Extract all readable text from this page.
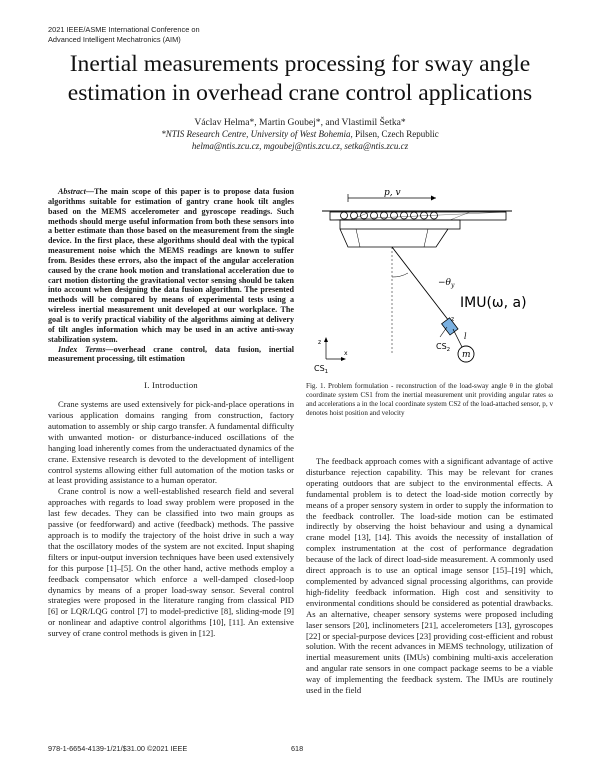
2021 IEEE/ASME International Conference on
Advanced Intelligent Mechatronics (AIM)
Inertial measurements processing for sway angle
estimation in overhead crane control applications
Václav Helma*, Martin Goubej*, and Vlastimil Šetka*
*NTIS Research Centre, University of West Bohemia, Pilsen, Czech Republic
helma@ntis.zcu.cz, mgoubej@ntis.zcu.cz, setka@ntis.zcu.cz

Abstract—The main scope of this paper is to propose data fusion algorithms suitable for estimation of gantry crane hook tilt angles based on the MEMS accelerometer and gyroscope readings. Such methods should merge useful information from both these sensors into a better estimate than those based on the measurement from the single device. In the first place, these algorithms should deal with the typical measurement noise which the MEMS readings are known to suffer from. Besides these errors, also the impact of the angular acceleration caused by the crane hook motion and translational acceleration due to cart motion distorting the gravitational vector sensing should be taken into account when designing the data fusion algorithm. The presented methods will be compared by means of experimental tests using a wireless inertial measurement unit developed at our workplace. The goal is to verify practical viability of the algorithms aiming at delivery of tilt angles information which may be used in an active anti-sway stabilization system.

Index Terms—overhead crane control, data fusion, inertial measurement processing, tilt estimation

I. Introduction

Crane systems are used extensively for pick-and-place operations in various application domains ranging from construction, factory automation to assembly or ship cargo transfer. A fundamental difficulty with unwanted motion- or disturbance-induced oscillations of the hanging load inherently comes from the underactuated dynamics of the crane. Extensive research is devoted to the development of intelligent control systems allowing either full automation of the motion tasks or at least providing assistance to a human operator.

Crane control is now a well-established research field and several approaches with regards to load sway problem were proposed in the last few decades. They can be classified into two main groups as passive (or feedforward) and active (feedback) methods. The passive approach is to modify the trajectory of the hoist drive in such a way that the oscillatory modes of the system are not excited. Input shaping filters or input-output inversion techniques have been used extensively for this purpose [1]–[5]. On the other hand, active methods employ a feedback compensator which enforce a well-damped closed-loop dynamics by means of a proper load-sway sensor. Several control strategies were proposed in the literature ranging from classical PID [6] or LQR/LQG control [7] to model-predictive [8], sliding-mode [9] or nonlinear and adaptive control algorithms [10], [11]. An extensive survey of crane control methods is given in [12].

p, v
$-\theta_y$
IMU(ω, a)
$CS_2$
z
l
m
z
x
$CS_1$
Fig. 1. Problem formulation - reconstruction of the load-sway angle θ in the global coordinate system CS1 from the inertial measurement unit providing angular rates ω and accelerations a in the local coordinate system CS2 of the load-attached sensor, p, v denotes hoist position and velocity

The feedback approach comes with a significant advantage of active disturbance rejection capability. This may be relevant for cranes operating outdoors that are subject to the environmental effects. A fundamental problem is to detect the load-side motion correctly by means of a proper sensory system in order to supply the information to the feedback controller. The load-side motion can be estimated indirectly by observing the hoist behaviour and using a dynamical crane model [13], [14]. This avoids the necessity of installation of complex instrumentation at the cost of performance degradation because of the lack of direct load-side measurement. A commonly used direct approach is to use an optical image sensor [15]–[19] which, complemented by advanced signal processing algorithms, can provide high-fidelity feedback information. High cost and sensitivity to environmental conditions should be considered as potential drawbacks. As an alternative, cheaper sensory systems were proposed including laser sensors [20], inclinometers [21], accelerometers [13], gyroscopes [22] or special-purpose devices [23] providing cost-efficient and robust solution. With the recent advances in MEMS technology, utilization of inertial measurement units (IMUs) combining multi-axis acceleration and angular rate sensors in one compact package seems to be a viable way of implementing the feedback system. The IMUs are routinely used in the field

978-1-6654-4139-1/21/$31.00 ©2021 IEEE	618
